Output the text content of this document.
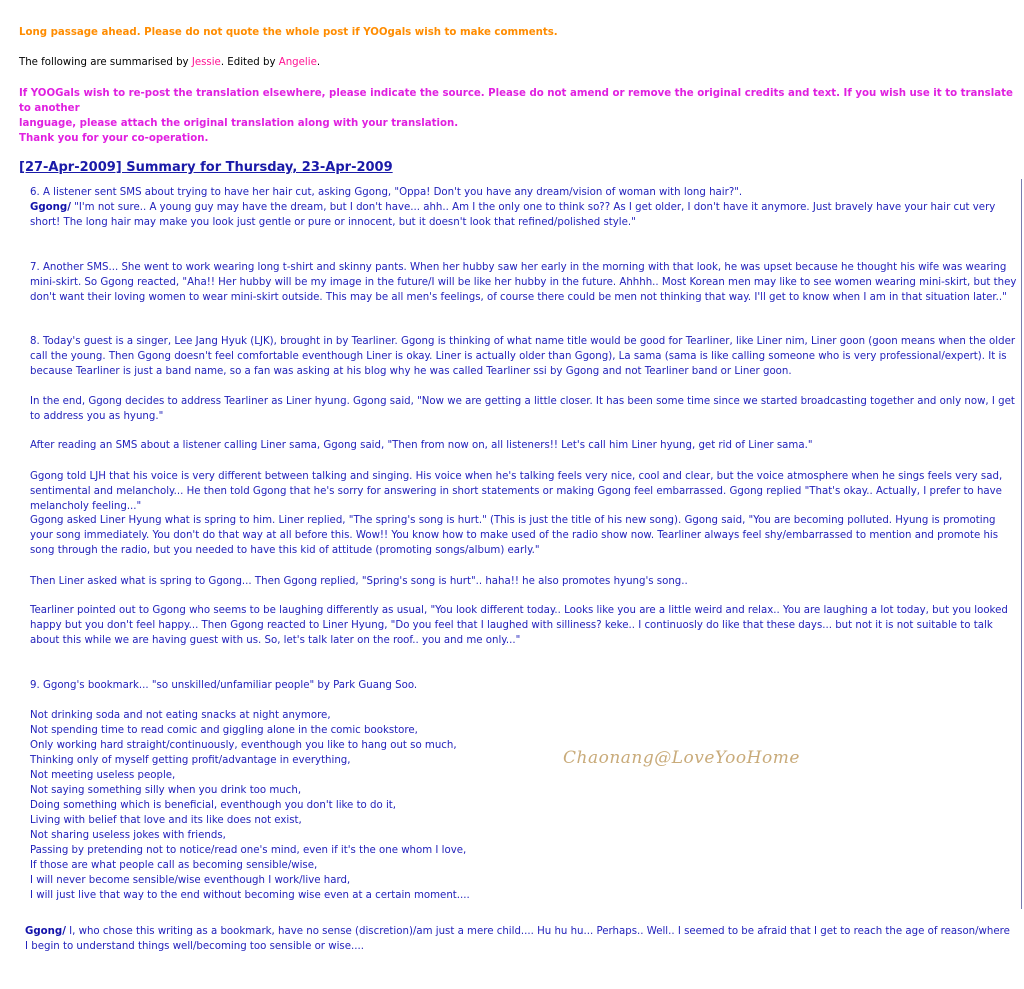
Long passage ahead. Please do not quote the whole post if YOOgals wish to make comments.
The following are summarised by Jessie. Edited by Angelie.
If YOOGals wish to re-post the translation elsewhere, please indicate the source. Please do not amend or remove the original credits and text. If you wish use it to translate to another
language, please attach the original translation along with your translation.
Thank you for your co-operation.
[27-Apr-2009] Summary for Thursday, 23-Apr-2009

6. A listener sent SMS about trying to have her hair cut, asking Ggong, "Oppa! Don't you have any dream/vision of woman with long hair?".
Ggong/ "I'm not sure.. A young guy may have the dream, but I don't have... ahh.. Am I the only one to think so?? As I get older, I don't have it anymore. Just bravely have your hair cut very short! The long hair may make you look just gentle or pure or innocent, but it doesn't look that refined/polished style."

7. Another SMS... She went to work wearing long t-shirt and skinny pants. When her hubby saw her early in the morning with that look, he was upset because he thought his wife was wearing mini-skirt. So Ggong reacted, "Aha!! Her hubby will be my image in the future/I will be like her hubby in the future. Ahhhh.. Most Korean men may like to see women wearing mini-skirt, but they don't want their loving women to wear mini-skirt outside. This may be all men's feelings, of course there could be men not thinking that way. I'll get to know when I am in that situation later.."

8. Today's guest is a singer, Lee Jang Hyuk (LJK), brought in by Tearliner. Ggong is thinking of what name title would be good for Tearliner, like Liner nim, Liner goon (goon means when the older call the young. Then Ggong doesn't feel comfortable eventhough Liner is okay. Liner is actually older than Ggong), La sama (sama is like calling someone who is very professional/expert). It is because Tearliner is just a band name, so a fan was asking at his blog why he was called Tearliner ssi by Ggong and not Tearliner band or Liner goon.

In the end, Ggong decides to address Tearliner as Liner hyung. Ggong said, "Now we are getting a little closer. It has been some time since we started broadcasting together and only now, I get to address you as hyung."

After reading an SMS about a listener calling Liner sama, Ggong said, "Then from now on, all listeners!! Let's call him Liner hyung, get rid of Liner sama."

Ggong told LJH that his voice is very different between talking and singing. His voice when he's talking feels very nice, cool and clear, but the voice atmosphere when he sings feels very sad, sentimental and melancholy... He then told Ggong that he's sorry for answering in short statements or making Ggong feel embarrassed. Ggong replied "That's okay.. Actually, I prefer to have melancholy feeling..."

Ggong asked Liner Hyung what is spring to him. Liner replied, "The spring's song is hurt." (This is just the title of his new song). Ggong said, "You are becoming polluted. Hyung is promoting your song immediately. You don't do that way at all before this. Wow!! You know how to make used of the radio show now. Tearliner always feel shy/embarrassed to mention and promote his song through the radio, but you needed to have this kid of attitude (promoting songs/album) early."

Then Liner asked what is spring to Ggong... Then Ggong replied, "Spring's song is hurt".. haha!! he also promotes hyung's song..

Tearliner pointed out to Ggong who seems to be laughing differently as usual, "You look different today.. Looks like you are a little weird and relax.. You are laughing a lot today, but you looked happy but you don't feel happy... Then Ggong reacted to Liner Hyung, "Do you feel that I laughed with silliness? keke.. I continuosly do like that these days... but not it is not suitable to talk about this while we are having guest with us. So, let's talk later on the roof.. you and me only..."

9. Ggong's bookmark... "so unskilled/unfamiliar people" by Park Guang Soo.

Not drinking soda and not eating snacks at night anymore,
Not spending time to read comic and giggling alone in the comic bookstore,
Only working hard straight/continuously, eventhough you like to hang out so much,
Thinking only of myself getting profit/advantage in everything,
Not meeting useless people,
Not saying something silly when you drink too much,
Doing something which is beneficial, eventhough you don't like to do it,
Living with belief that love and its like does not exist,
Not sharing useless jokes with friends,
Passing by pretending not to notice/read one's mind, even if it's the one whom I love,
If those are what people call as becoming sensible/wise,
I will never become sensible/wise eventhough I work/live hard,
I will just live that way to the end without becoming wise even at a certain moment....

Chaonang@LoveYooHome

Ggong/ I, who chose this writing as a bookmark, have no sense (discretion)/am just a mere child.... Hu hu hu... Perhaps.. Well.. I seemed to be afraid that I get to reach the age of reason/where I begin to understand things well/becoming too sensible or wise....
